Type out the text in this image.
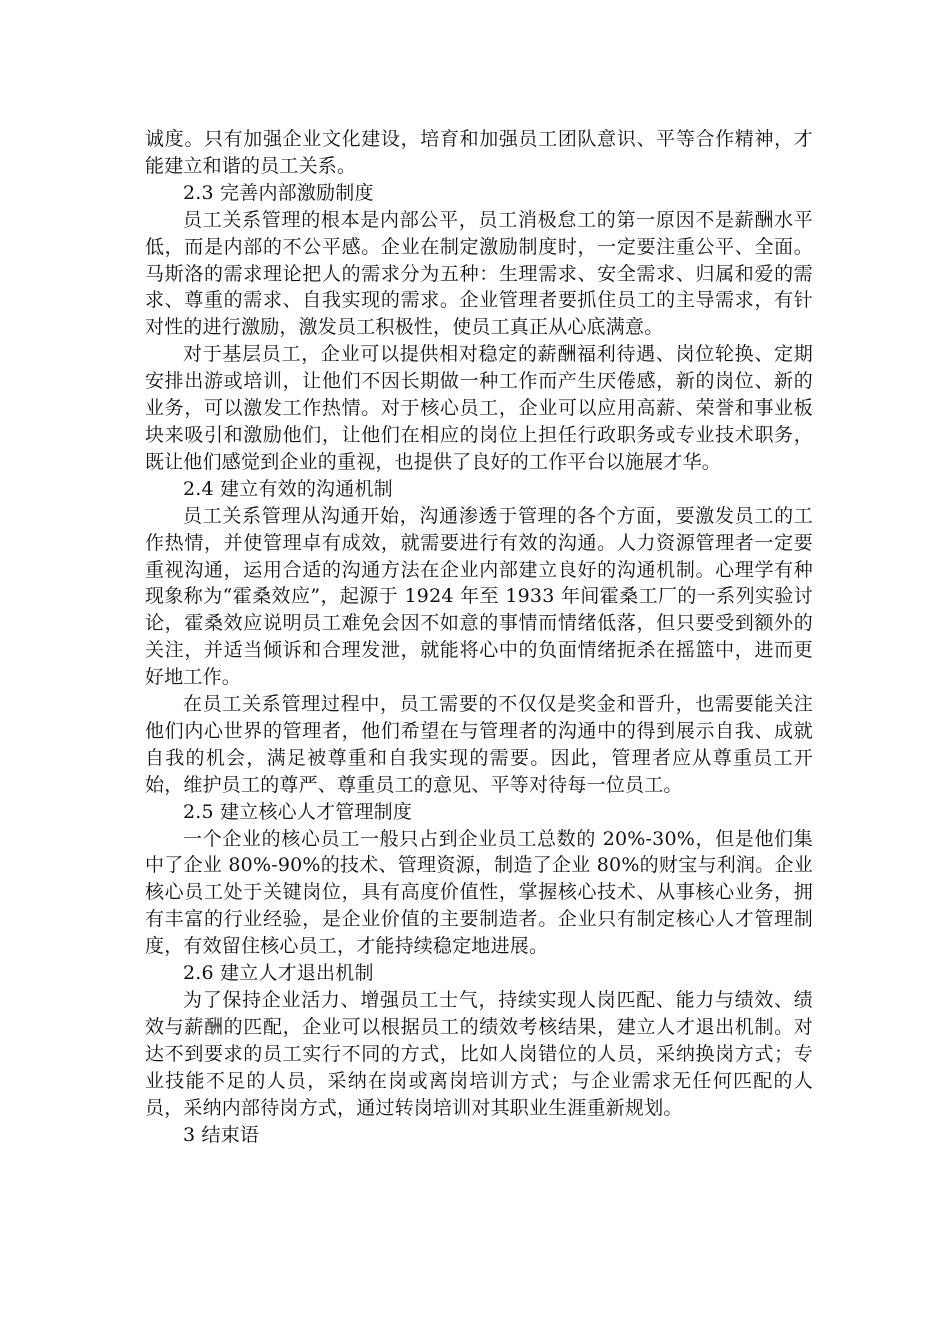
诚度。只有加强企业文化建设，培育和加强员工团队意识、平等合作精神，才能建立和谐的员工关系。

2.3 完善内部激励制度

员工关系管理的根本是内部公平，员工消极怠工的第一原因不是薪酬水平低，而是内部的不公平感。企业在制定激励制度时，一定要注重公平、全面。马斯洛的需求理论把人的需求分为五种：生理需求、安全需求、归属和爱的需求、尊重的需求、自我实现的需求。企业管理者要抓住员工的主导需求，有针对性的进行激励，激发员工积极性，使员工真正从心底满意。

对于基层员工，企业可以提供相对稳定的薪酬福利待遇、岗位轮换、定期安排出游或培训，让他们不因长期做一种工作而产生厌倦感，新的岗位、新的业务，可以激发工作热情。对于核心员工，企业可以应用高薪、荣誉和事业板块来吸引和激励他们，让他们在相应的岗位上担任行政职务或专业技术职务，既让他们感觉到企业的重视，也提供了良好的工作平台以施展才华。

2.4 建立有效的沟通机制

员工关系管理从沟通开始，沟通渗透于管理的各个方面，要激发员工的工作热情，并使管理卓有成效，就需要进行有效的沟通。人力资源管理者一定要重视沟通，运用合适的沟通方法在企业内部建立良好的沟通机制。心理学有种现象称为“霍桑效应”，起源于 1924 年至 1933 年间霍桑工厂的一系列实验讨论，霍桑效应说明员工难免会因不如意的事情而情绪低落，但只要受到额外的关注，并适当倾诉和合理发泄，就能将心中的负面情绪扼杀在摇篮中，进而更好地工作。

在员工关系管理过程中，员工需要的不仅仅是奖金和晋升，也需要能关注他们内心世界的管理者，他们希望在与管理者的沟通中的得到展示自我、成就自我的机会，满足被尊重和自我实现的需要。因此，管理者应从尊重员工开始，维护员工的尊严、尊重员工的意见、平等对待每一位员工。

2.5 建立核心人才管理制度

一个企业的核心员工一般只占到企业员工总数的 20%-30%，但是他们集中了企业 80%-90%的技术、管理资源，制造了企业 80%的财宝与利润。企业核心员工处于关键岗位，具有高度价值性，掌握核心技术、从事核心业务，拥有丰富的行业经验，是企业价值的主要制造者。企业只有制定核心人才管理制度，有效留住核心员工，才能持续稳定地进展。

2.6 建立人才退出机制

为了保持企业活力、增强员工士气，持续实现人岗匹配、能力与绩效、绩效与薪酬的匹配，企业可以根据员工的绩效考核结果，建立人才退出机制。对达不到要求的员工实行不同的方式，比如人岗错位的人员，采纳换岗方式；专业技能不足的人员，采纳在岗或离岗培训方式；与企业需求无任何匹配的人员，采纳内部待岗方式，通过转岗培训对其职业生涯重新规划。

3 结束语
